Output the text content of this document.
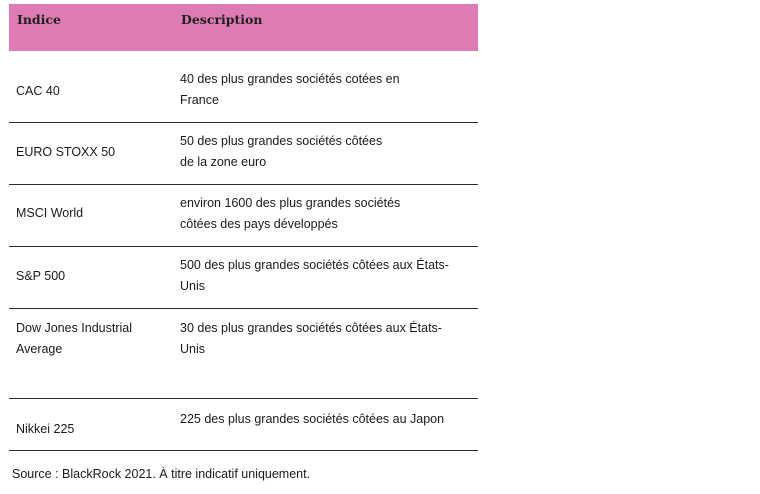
Indice	Description
CAC 40
40 des plus grandes sociétés cotées en
France
EURO STOXX 50
50 des plus grandes sociétés côtées
de la zone euro
MSCI World
environ 1600 des plus grandes sociétés
côtées des pays développés
S&P 500
500 des plus grandes sociétés côtées aux États-
Unis
Dow Jones Industrial
Average
30 des plus grandes sociétés côtées aux États-
Unis
Nikkei 225
225 des plus grandes sociétés côtées au Japon
Source : BlackRock 2021. À titre indicatif uniquement.
